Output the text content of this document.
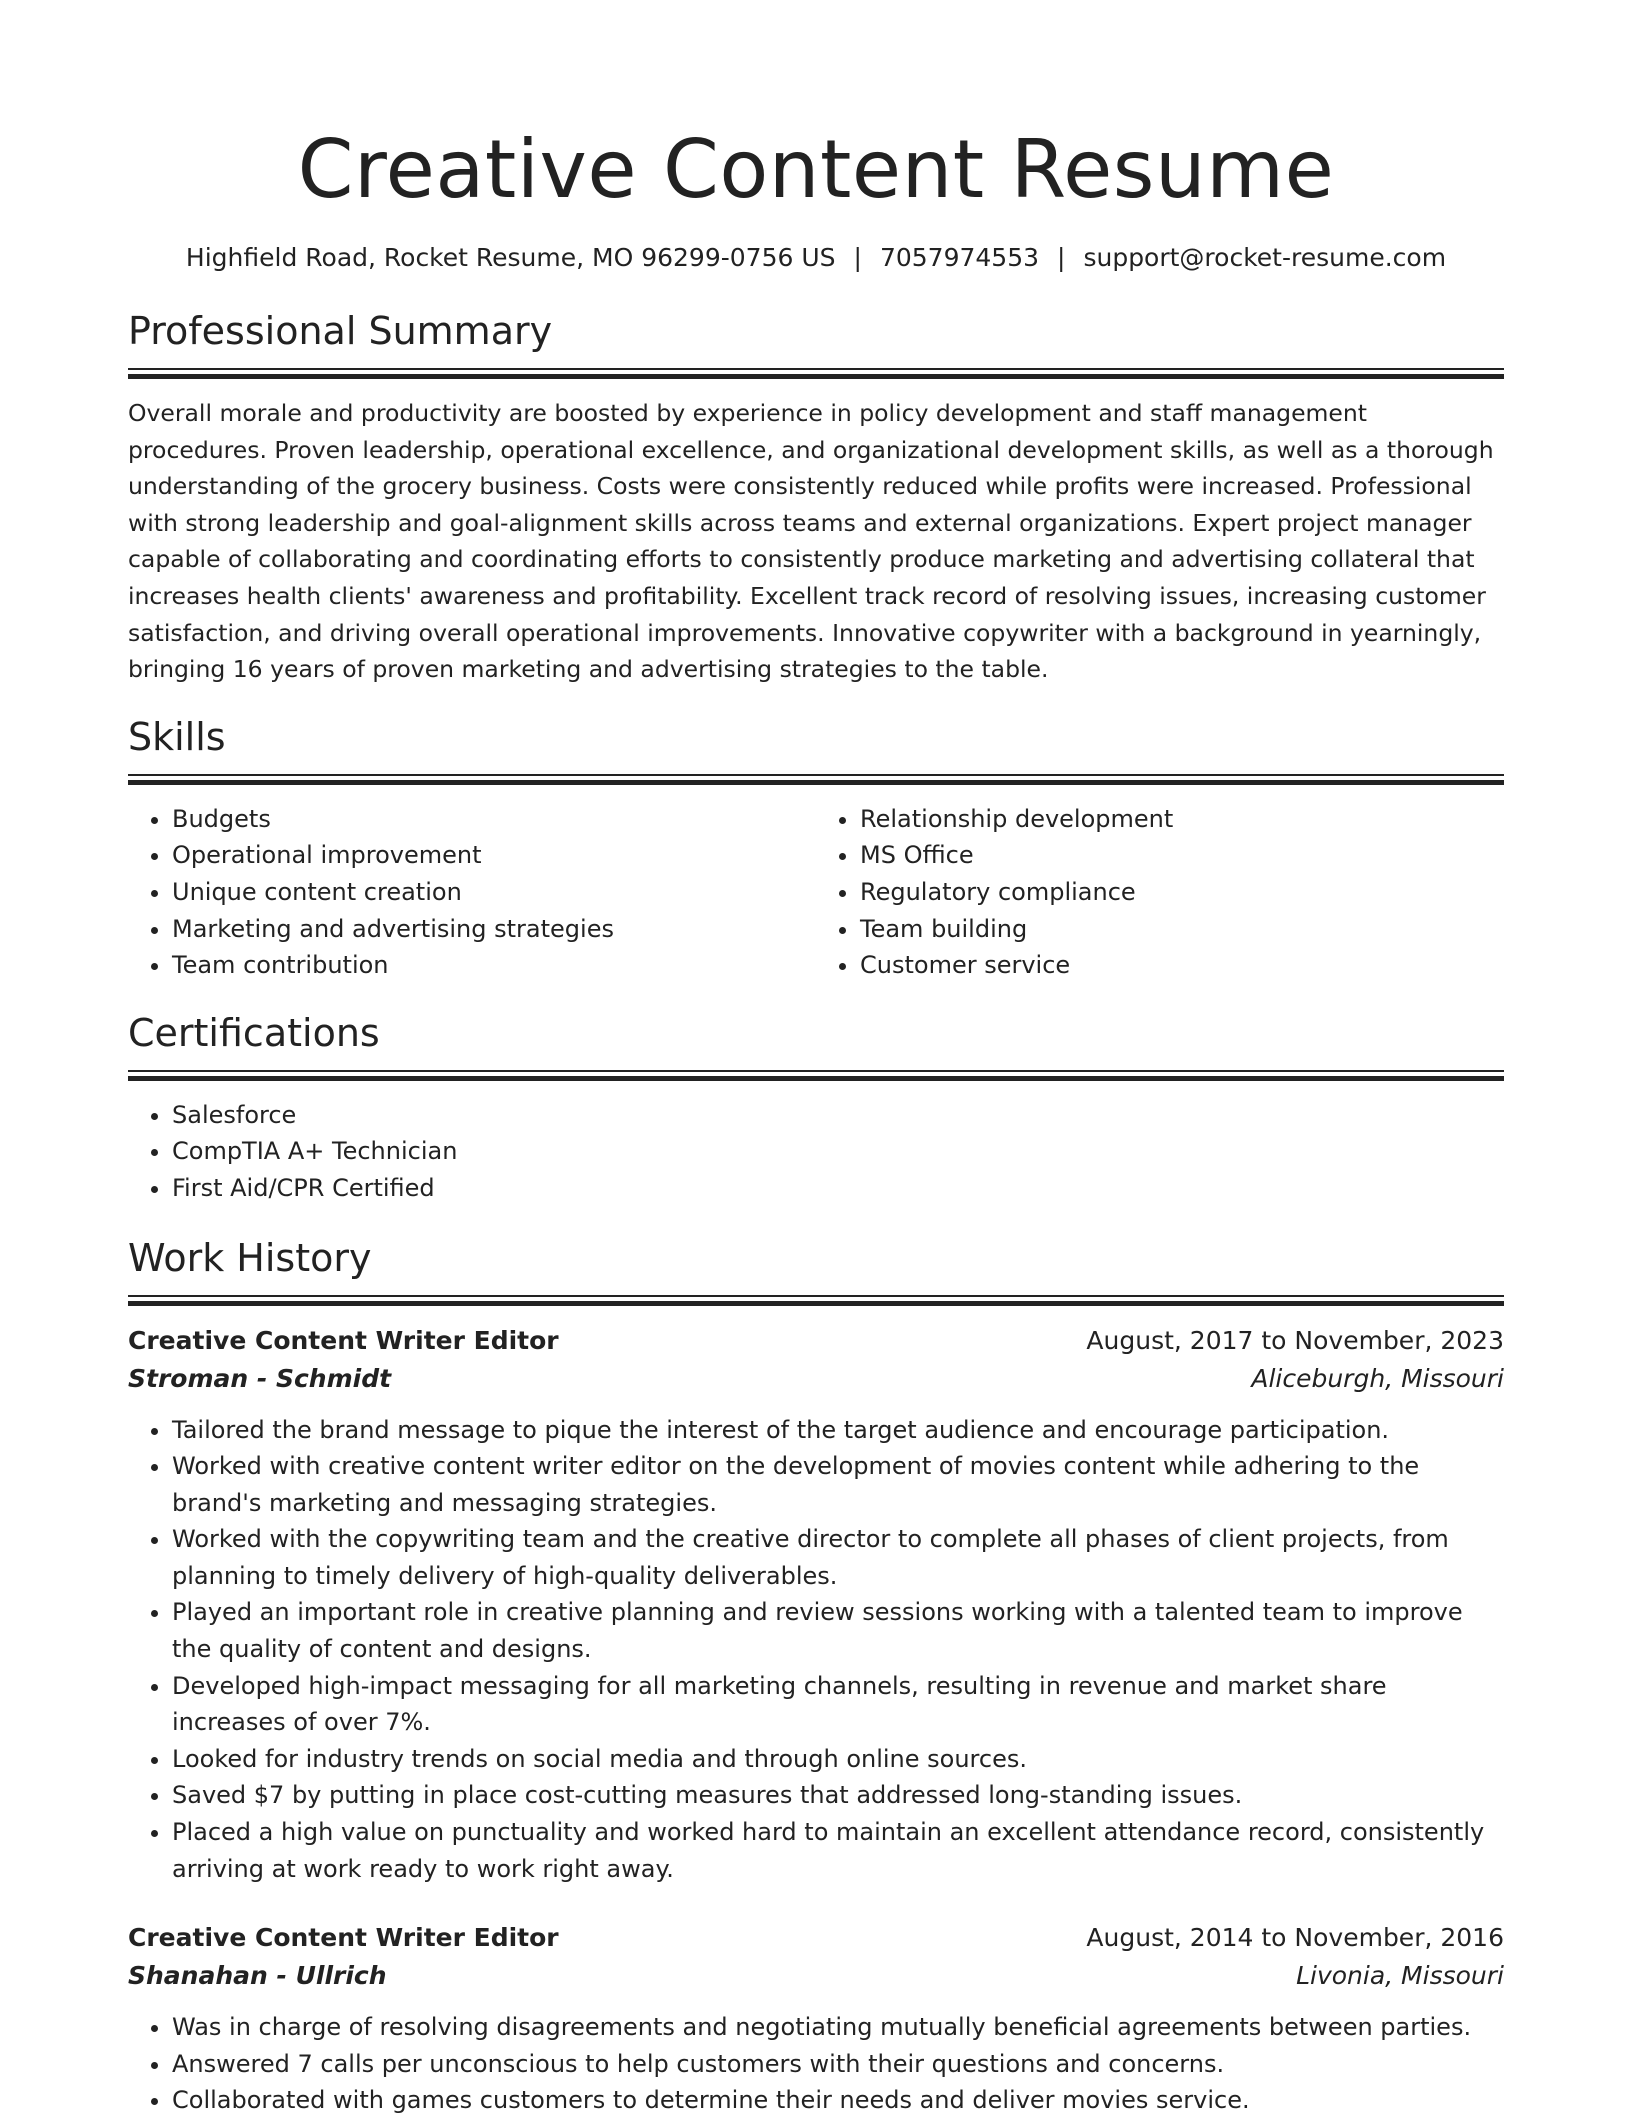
Creative Content Resume
Highfield Road, Rocket Resume, MO 96299-0756 US | 7057974553 | support@rocket-resume.com
Professional Summary

Overall morale and productivity are boosted by experience in policy development and staff management procedures. Proven leadership, operational excellence, and organizational development skills, as well as a thorough understanding of the grocery business. Costs were consistently reduced while profits were increased. Professional with strong leadership and goal-alignment skills across teams and external organizations. Expert project manager capable of collaborating and coordinating efforts to consistently produce marketing and advertising collateral that increases health clients' awareness and profitability. Excellent track record of resolving issues, increasing customer satisfaction, and driving overall operational improvements. Innovative copywriter with a background in yearningly, bringing 16 years of proven marketing and advertising strategies to the table.

Skills
• Budgets
• Operational improvement
• Unique content creation
• Marketing and advertising strategies
• Team contribution
• Relationship development
• MS Office
• Regulatory compliance
• Team building
• Customer service
Certifications
• Salesforce
• CompTIA A+ Technician
• First Aid/CPR Certified
Work History
Creative Content Writer Editor	August, 2017 to November, 2023
Stroman - Schmidt	Aliceburgh, Missouri
• Tailored the brand message to pique the interest of the target audience and encourage participation.
• Worked with creative content writer editor on the development of movies content while adhering to the brand's marketing and messaging strategies.
• Worked with the copywriting team and the creative director to complete all phases of client projects, from planning to timely delivery of high-quality deliverables.
• Played an important role in creative planning and review sessions working with a talented team to improve the quality of content and designs.
• Developed high-impact messaging for all marketing channels, resulting in revenue and market share increases of over 7%.
• Looked for industry trends on social media and through online sources.
• Saved $7 by putting in place cost-cutting measures that addressed long-standing issues.
• Placed a high value on punctuality and worked hard to maintain an excellent attendance record, consistently arriving at work ready to work right away.
Creative Content Writer Editor	August, 2014 to November, 2016
Shanahan - Ullrich	Livonia, Missouri
• Was in charge of resolving disagreements and negotiating mutually beneficial agreements between parties.
• Answered 7 calls per unconscious to help customers with their questions and concerns.
• Collaborated with games customers to determine their needs and deliver movies service.
